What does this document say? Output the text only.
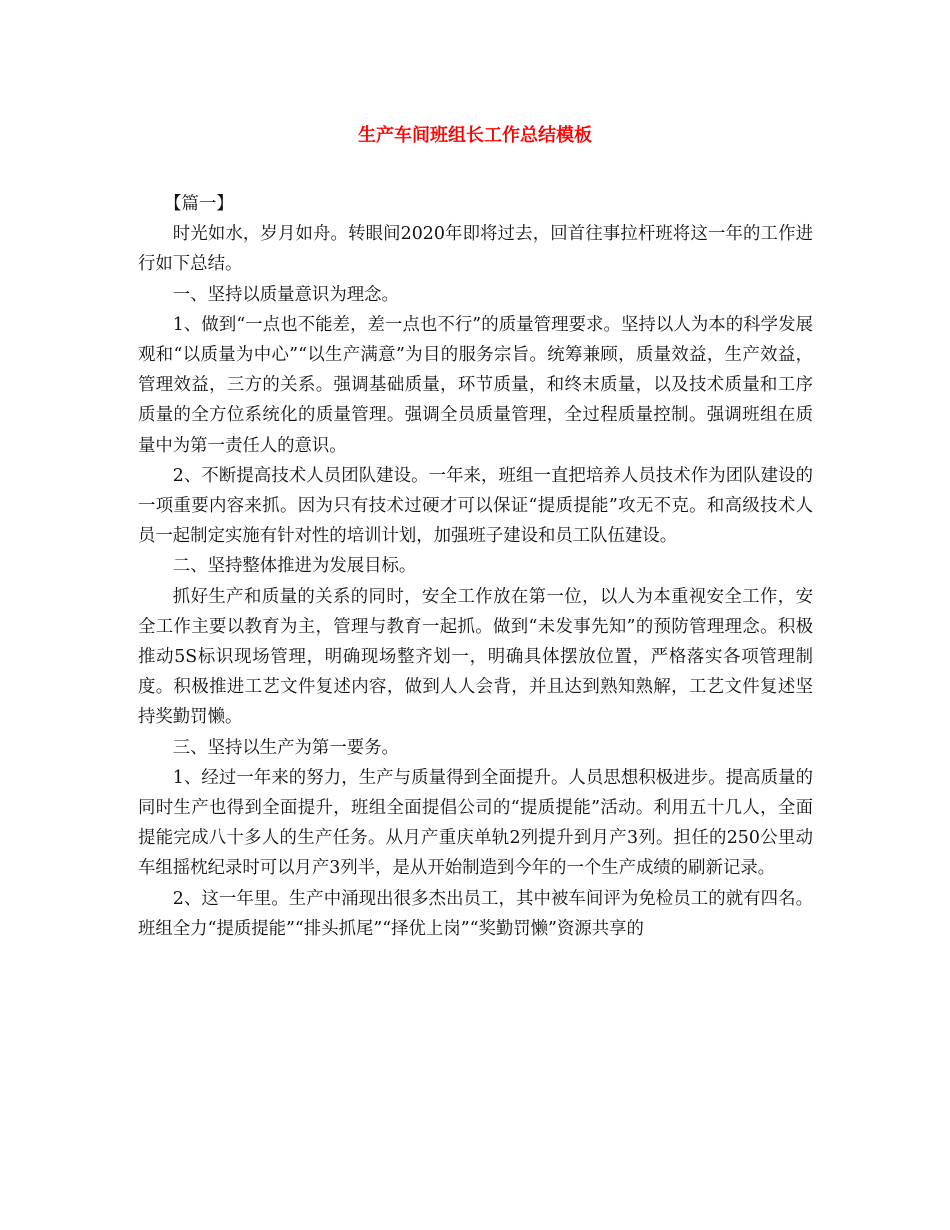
生产车间班组长工作总结模板

【篇一】

时光如水，岁月如舟。转眼间2020年即将过去，回首往事拉杆班将这一年的工作进行如下总结。

一、坚持以质量意识为理念。

1、做到“一点也不能差，差一点也不行”的质量管理要求。坚持以人为本的科学发展观和“以质量为中心”“以生产满意”为目的服务宗旨。统筹兼顾，质量效益，生产效益，管理效益，三方的关系。强调基础质量，环节质量，和终末质量，以及技术质量和工序质量的全方位系统化的质量管理。强调全员质量管理，全过程质量控制。强调班组在质量中为第一责任人的意识。

2、不断提高技术人员团队建设。一年来，班组一直把培养人员技术作为团队建设的一项重要内容来抓。因为只有技术过硬才可以保证“提质提能”攻无不克。和高级技术人员一起制定实施有针对性的培训计划，加强班子建设和员工队伍建设。

二、坚持整体推进为发展目标。

抓好生产和质量的关系的同时，安全工作放在第一位，以人为本重视安全工作，安全工作主要以教育为主，管理与教育一起抓。做到“未发事先知”的预防管理理念。积极推动5S标识现场管理，明确现场整齐划一，明确具体摆放位置，严格落实各项管理制度。积极推进工艺文件复述内容，做到人人会背，并且达到熟知熟解，工艺文件复述坚持奖勤罚懒。

三、坚持以生产为第一要务。

1、经过一年来的努力，生产与质量得到全面提升。人员思想积极进步。提高质量的同时生产也得到全面提升，班组全面提倡公司的“提质提能”活动。利用五十几人，全面提能完成八十多人的生产任务。从月产重庆单轨2列提升到月产3列。担任的250公里动车组摇枕纪录时可以月产3列半，是从开始制造到今年的一个生产成绩的刷新记录。

2、这一年里。生产中涌现出很多杰出员工，其中被车间评为免检员工的就有四名。班组全力“提质提能”“排头抓尾”“择优上岗”“奖勤罚懒”资源共享的
